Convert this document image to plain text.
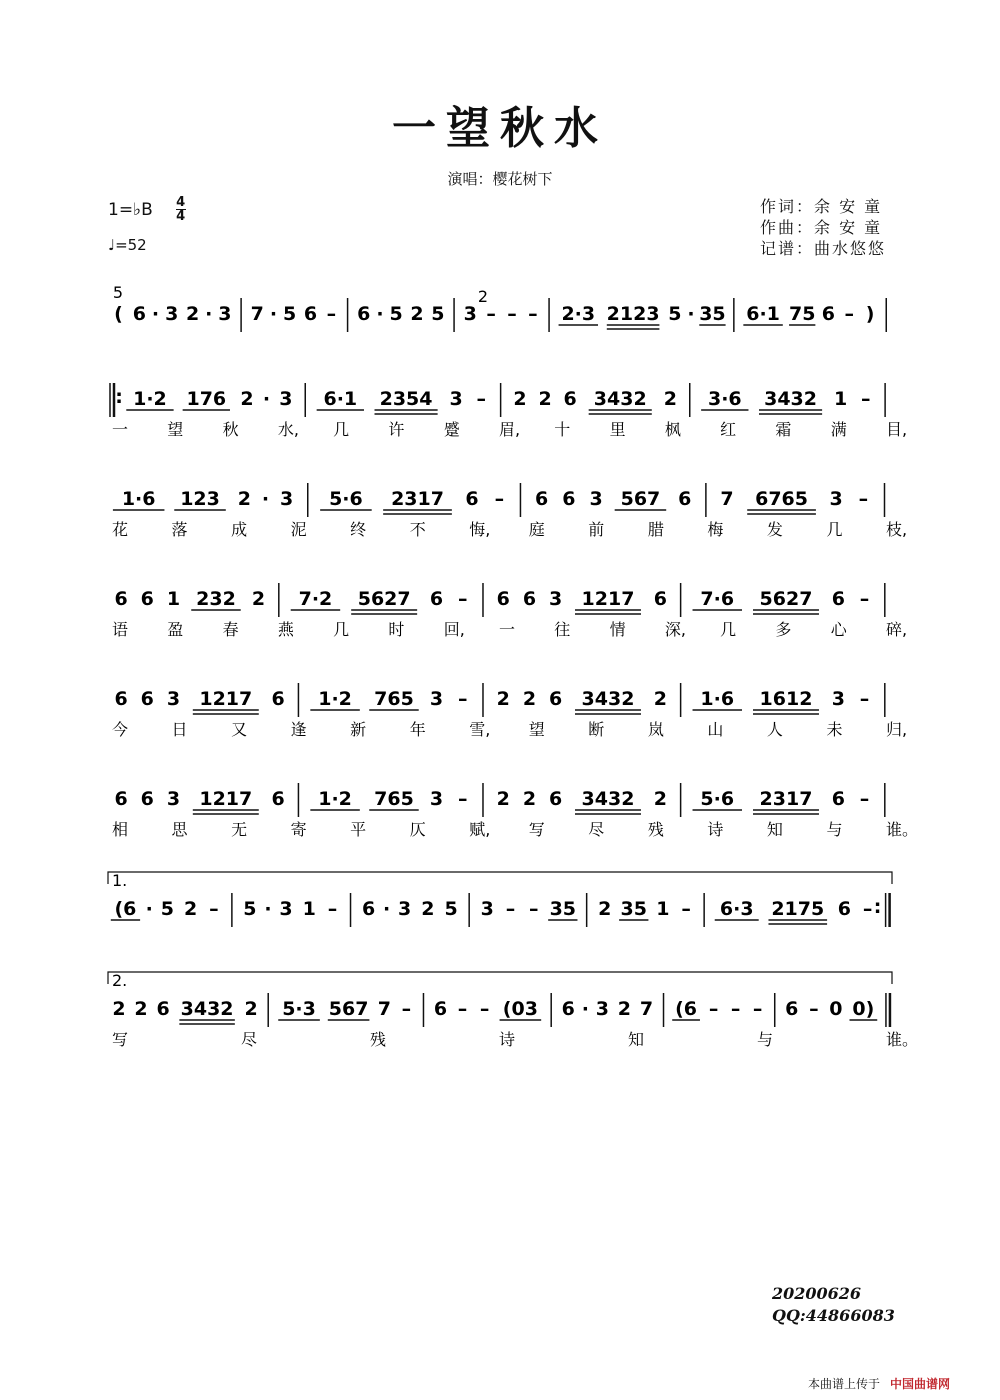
一望秋水
演唱：樱花树下
1=♭B $\frac{4}{4}$
♩=52
作词：余 安 童
作曲：余 安 童
记谱：曲水悠悠
( 6 · 3 2 · 3 7 · 5 6 – 6 · 5 2 5 3 – – – 2·3 2123 5 · 35 6·1 75 6 – )
: 1·2 176 2 · 3 6·1 2354 3 – 2 2 6 3432 2 3·6 3432 1 –
一 望 秋 水, 几 许 蹙 眉, 十 里 枫 红 霜 满 目,
1·6 123 2 · 3 5·6 2317 6 – 6 6 3 567 6 7 6765 3 –
花	落	成	泥	终	不	悔, 庭	前	腊	梅	发	几	枝,
6 6 1 232 2 7·2 5627 6 – 6 6 3 1217 6 7·6 5627 6 –
语 盈 春 燕 几 时 回, 一 往 情 深, 几 多 心 碎,
6 6 3 1217 6 1·2 765 3 – 2 2 6 3432 2 1·6 1612 3 –
今	日	又	逢	新	年	雪, 望	断	岚	山	人	未	归,
6 6 3 1217 6 1·2 765 3 – 2 2 6 3432 2 5·6 2317 6 –
相	思	无	寄	平	仄	赋, 写	尽	残	诗	知	与	谁。
(6 · 5 2 – 5 · 3 1 – 6 · 3 2 5 3 – – 35 2 35 1 – 6·3 2175 6 – :
2 2 6 3432 2 5·3 567 7 – 6 – – (03 6 · 3 2 7 (6 – – – 6 – 0 0)
写	尽	残	诗	知	与	谁。
1.
2.
5	2
20200626
QQ:44866083
本曲谱上传于 中国曲谱网
